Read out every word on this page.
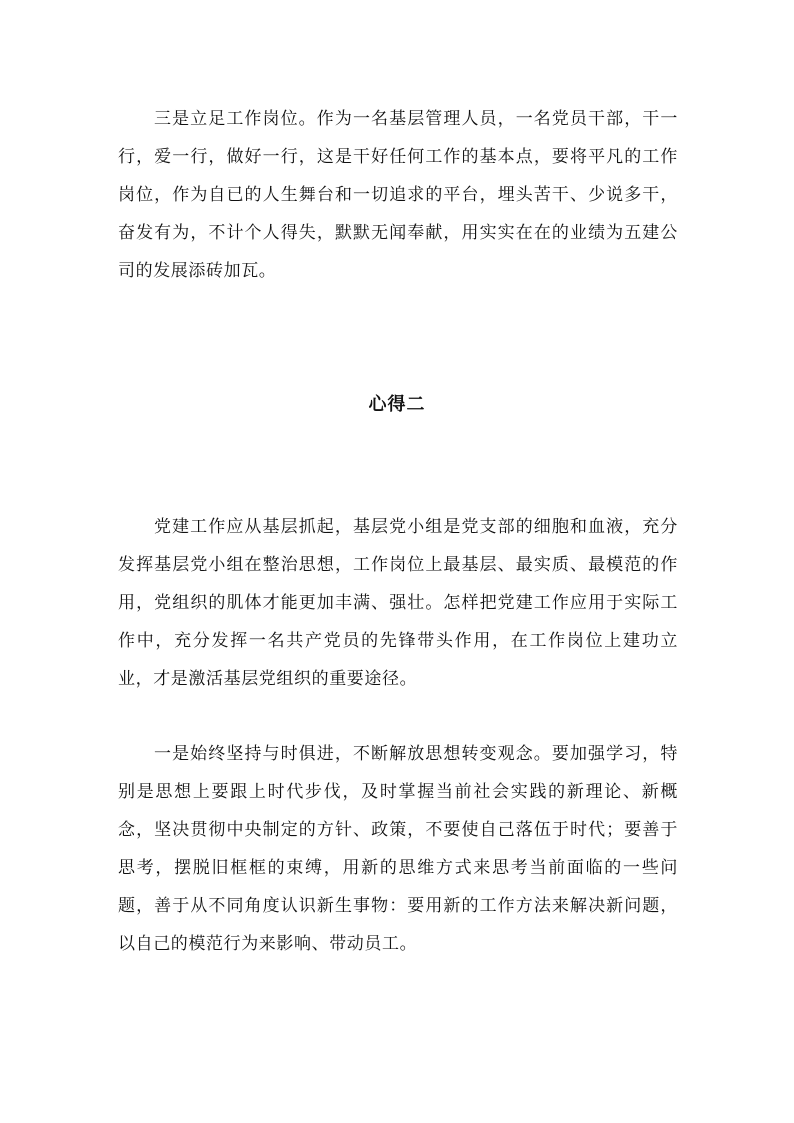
三是立足工作岗位。作为一名基层管理人员，一名党员干部，干一行，爱一行，做好一行，这是干好任何工作的基本点，要将平凡的工作岗位，作为自已的人生舞台和一切追求的平台，埋头苦干、少说多干，奋发有为，不计个人得失，默默无闻奉献，用实实在在的业绩为五建公司的发展添砖加瓦。

心得二

党建工作应从基层抓起，基层党小组是党支部的细胞和血液，充分发挥基层党小组在整治思想，工作岗位上最基层、最实质、最模范的作用，党组织的肌体才能更加丰满、强壮。怎样把党建工作应用于实际工作中，充分发挥一名共产党员的先锋带头作用，在工作岗位上建功立业，才是激活基层党组织的重要途径。

一是始终坚持与时俱进，不断解放思想转变观念。要加强学习，特别是思想上要跟上时代步伐，及时掌握当前社会实践的新理论、新概念，坚决贯彻中央制定的方针、政策，不要使自己落伍于时代；要善于思考，摆脱旧框框的束缚，用新的思维方式来思考当前面临的一些问题，善于从不同角度认识新生事物：要用新的工作方法来解决新问题，以自己的模范行为来影响、带动员工。
